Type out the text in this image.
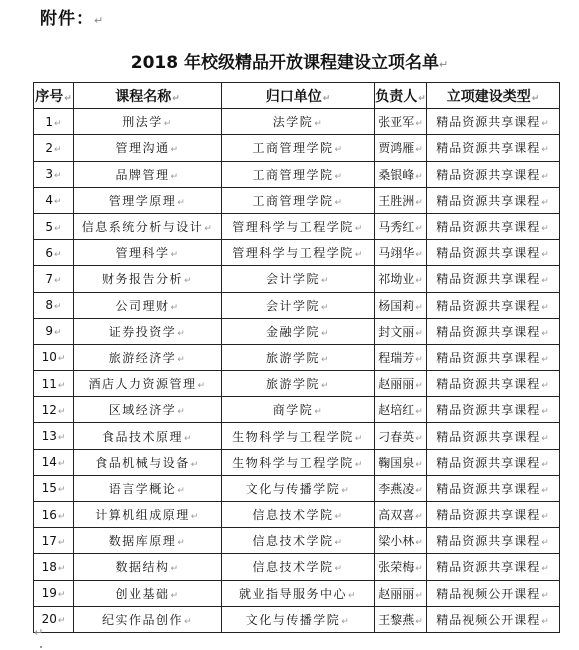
附件：↵
2018 年校级精品开放课程建设立项名单↵
序号↵	课程名称↵	归口单位↵	负责人↵	立项建设类型↵
1↵	刑法学↵	法学院↵	张亚军↵	精品资源共享课程↵
2↵	管理沟通↵	工商管理学院↵	贾鸿雁↵	精品资源共享课程↵
3↵	品牌管理↵	工商管理学院↵	桑银峰↵	精品资源共享课程↵
4↵	管理学原理↵	工商管理学院↵	王胜洲↵	精品资源共享课程↵
5↵	信息系统分析与设计↵	管理科学与工程学院↵	马秀红↵	精品资源共享课程↵
6↵	管理科学↵	管理科学与工程学院↵	马翊华↵	精品资源共享课程↵
7↵	财务报告分析↵	会计学院↵	祁坳业↵	精品资源共享课程↵
8↵	公司理财↵	会计学院↵	杨国莉↵	精品资源共享课程↵
9↵	证券投资学↵	金融学院↵	封文丽↵	精品资源共享课程↵
10↵	旅游经济学↵	旅游学院↵	程瑞芳↵	精品资源共享课程↵
11↵	酒店人力资源管理↵	旅游学院↵	赵丽丽↵	精品资源共享课程↵
12↵	区域经济学↵	商学院↵	赵培红↵	精品资源共享课程↵
13↵	食品技术原理↵	生物科学与工程学院↵	刁春英↵	精品资源共享课程↵
14↵	食品机械与设备↵	生物科学与工程学院↵	鞠国泉↵	精品资源共享课程↵
15↵	语言学概论↵	文化与传播学院↵	李燕凌↵	精品资源共享课程↵
16↵	计算机组成原理↵	信息技术学院↵	高双喜↵	精品资源共享课程↵
17↵	数据库原理↵	信息技术学院↵	梁小林↵	精品资源共享课程↵
18↵	数据结构↵	信息技术学院↵	张荣梅↵	精品资源共享课程↵
19↵	创业基础↵	就业指导服务中心↵	赵丽丽↵	精品视频公开课程↵
20↵	纪实作品创作↵	文化与传播学院↵	王黎燕↵	精品视频公开课程↵
↵
